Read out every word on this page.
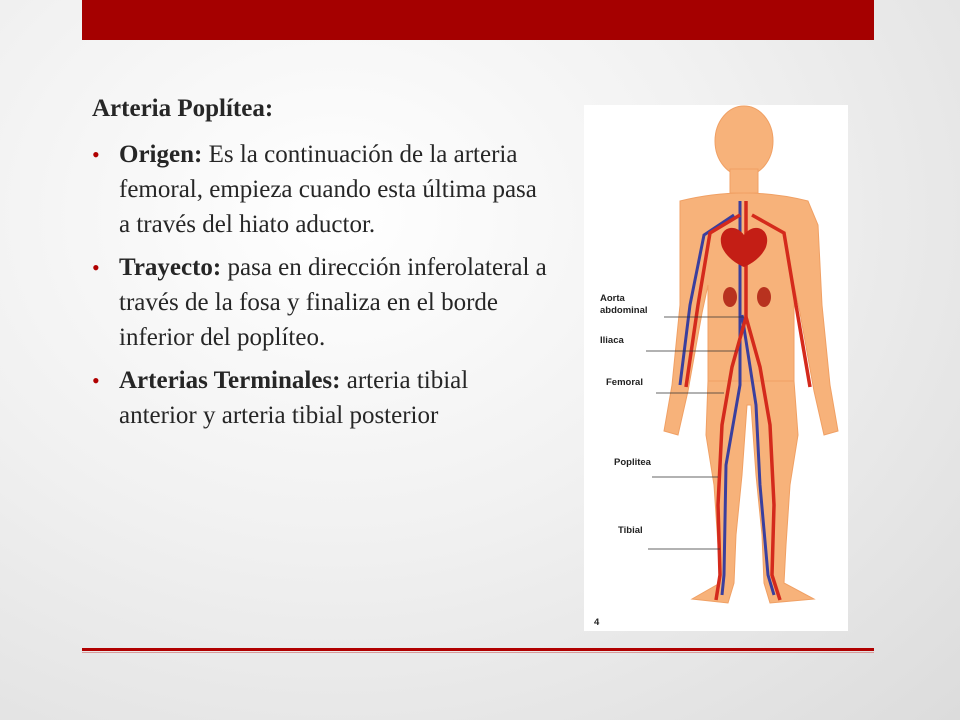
Arteria Poplítea:

• Origen: Es la continuación de la arteria femoral, empieza cuando esta última pasa a través del hiato aductor.
• Trayecto: pasa en dirección inferolateral a través de la fosa y finaliza en el borde inferior del poplíteo.
• Arterias Terminales: arteria tibial anterior y arteria tibial posterior
Aorta
abdominal
Iliaca
Femoral
Poplitea
Tibial
4
